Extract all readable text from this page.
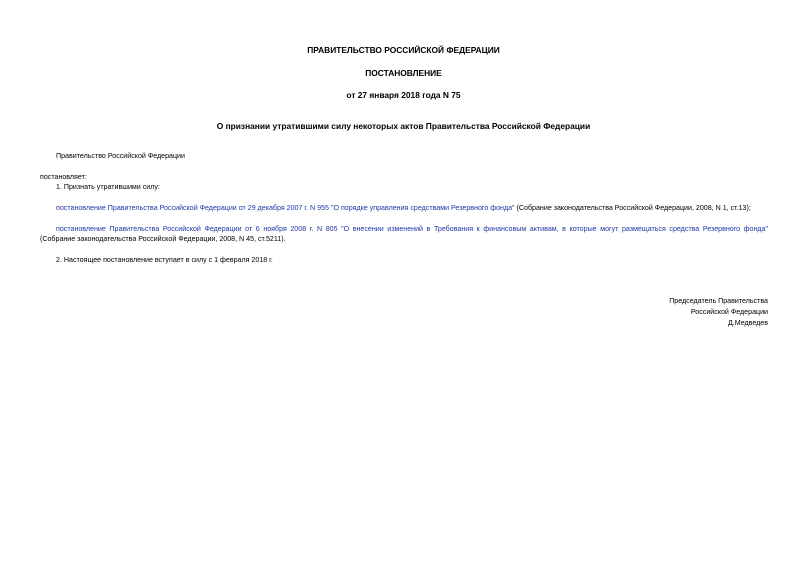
ПРАВИТЕЛЬСТВО РОССИЙСКОЙ ФЕДЕРАЦИИ
ПОСТАНОВЛЕНИЕ
от 27 января 2018 года N 75
О признании утратившими силу некоторых актов Правительства Российской Федерации
Правительство Российской Федерации
постановляет:
1. Признать утратившими силу:
постановление Правительства Российской Федерации от 29 декабря 2007 г. N 955 "О порядке управления средствами Резервного фонда" (Собрание законодательства Российской Федерации, 2008, N 1, ст.13);
постановление Правительства Российской Федерации от 6 ноября 2008 г. N 805 "О внесении изменений в Требования к финансовым активам, в которые могут размещаться средства Резервного фонда"
(Собрание законодательства Российской Федерации, 2008, N 45, ст.5211).
2. Настоящее постановление вступает в силу с 1 февраля 2018 г.
Председатель Правительства
Российской Федерации
Д.Медведев
